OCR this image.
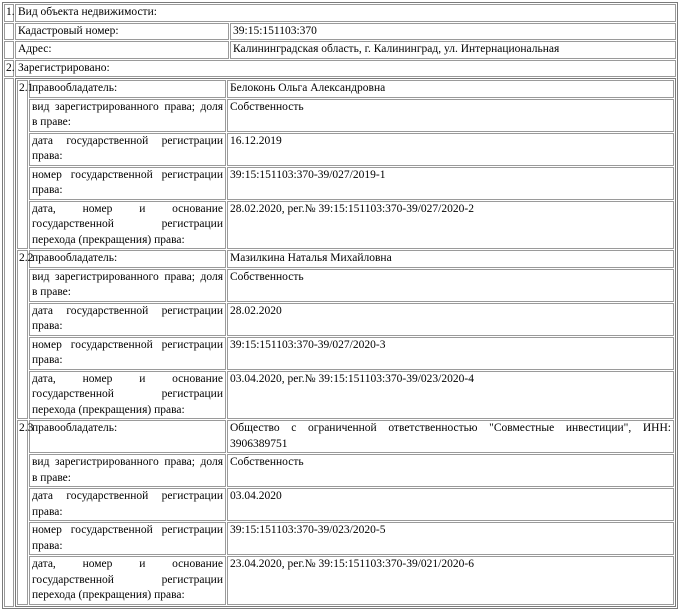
1.	Вид объекта недвижимости:
	Кадастровый номер:	39:15:151103:370
	Адрес:	Калининградская область, г. Калининград, ул. Интернациональная
2.	Зарегистрировано:

2.1	правообладатель:	Белоконь Ольга Александровна
вид зарегистрированного права; доля в праве:	Собственность
дата государственной регистрации права:	16.12.2019
номер государственной регистрации права:	39:15:151103:370-39/027/2019-1
дата, номер и основание государственной регистрации перехода (прекращения) права:	28.02.2020, рег.№ 39:15:151103:370-39/027/2020-2
2.2	правообладатель:	Мазилкина Наталья Михайловна
вид зарегистрированного права; доля в праве:	Собственность
дата государственной регистрации права:	28.02.2020
номер государственной регистрации права:	39:15:151103:370-39/027/2020-3
дата, номер и основание государственной регистрации перехода (прекращения) права:	03.04.2020, рег.№ 39:15:151103:370-39/023/2020-4
2.3	правообладатель:	Общество с ограниченной ответственностью "Совместные инвестиции", ИНН: 3906389751
вид зарегистрированного права; доля в праве:	Собственность
дата государственной регистрации права:	03.04.2020
номер государственной регистрации права:	39:15:151103:370-39/023/2020-5
дата, номер и основание государственной регистрации перехода (прекращения) права:	23.04.2020, рег.№ 39:15:151103:370-39/021/2020-6
